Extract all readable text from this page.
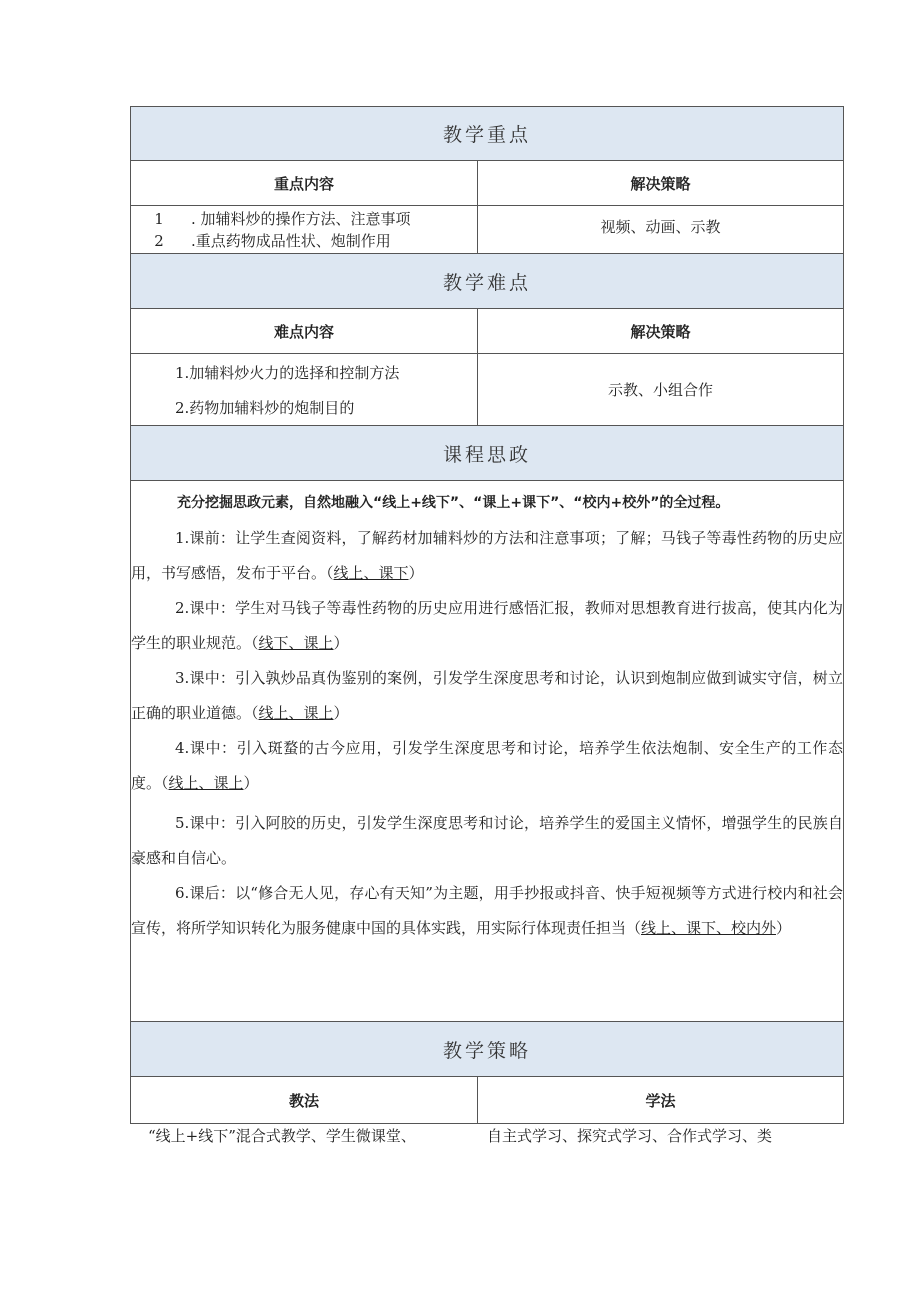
教学重点
重点内容	解决策略
1	. 加辅料炒的操作方法、注意事项
2	.重点药物成品性状、炮制作用
视频、动画、示教
教学难点
难点内容	解决策略
1.加辅料炒火力的选择和控制方法
2.药物加辅料炒的炮制目的
示教、小组合作
课程思政

充分挖掘思政元素，自然地融入“线上+线下”、“课上+课下”、“校内+校外”的全过程。

1.课前：让学生查阅资料，了解药材加辅料炒的方法和注意事项；了解；马钱子等毒性药物的历史应用，书写感悟，发布于平台。（线上、课下）

2.课中：学生对马钱子等毒性药物的历史应用进行感悟汇报，教师对思想教育进行拔高，使其内化为学生的职业规范。（线下、课上）

3.课中：引入孰炒品真伪鉴别的案例，引发学生深度思考和讨论，认识到炮制应做到诚实守信，树立正确的职业道德。（线上、课上）

4.课中：引入斑蝥的古今应用，引发学生深度思考和讨论，培养学生依法炮制、安全生产的工作态度。（线上、课上）

5.课中：引入阿胶的历史，引发学生深度思考和讨论，培养学生的爱国主义情怀，增强学生的民族自豪感和自信心。

6.课后：以“修合无人见，存心有天知”为主题，用手抄报或抖音、快手短视频等方式进行校内和社会宣传，将所学知识转化为服务健康中国的具体实践，用实际行体现责任担当（线上、课下、校内外）

教学策略
教法	学法
“线上+线下”混合式教学、学生微课堂、	自主式学习、探究式学习、合作式学习、类
